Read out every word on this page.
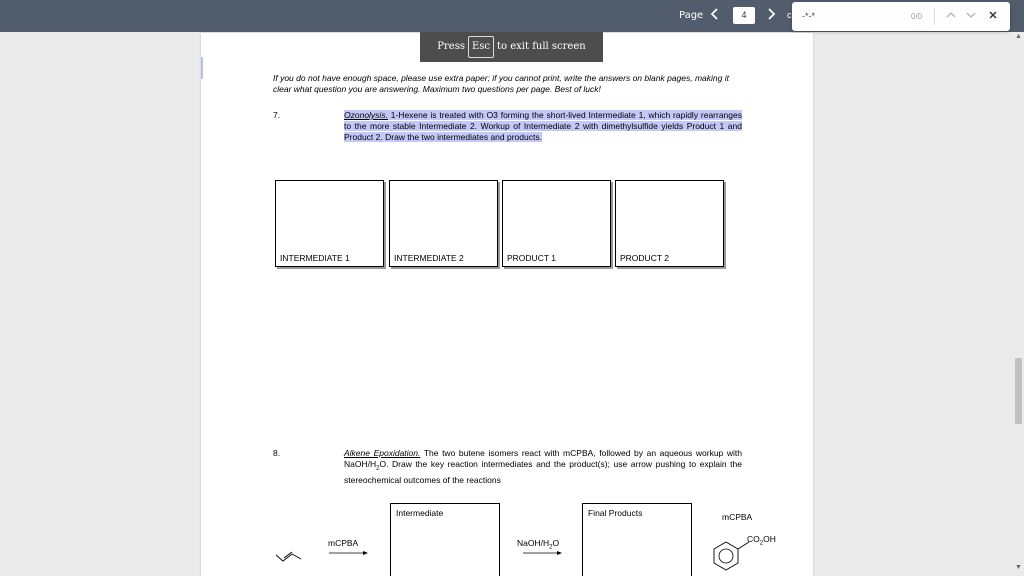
Page	4	c
-*-*	0/0
Press Esc to exit full screen
If you do not have enough space, please use extra paper; if you cannot print, write the answers on blank pages, making it clear what question you are answering. Maximum two questions per page. Best of luck!
7.	Ozonolysis. 1-Hexene is treated with O3 forming the short-lived Intermediate 1, which rapidly rearranges to the more stable Intermediate 2. Workup of Intermediate 2 with dimethylsulfide yields Product 1 and Product 2. Draw the two intermediates and products.
INTERMEDIATE 1	INTERMEDIATE 2	PRODUCT 1	PRODUCT 2
8.	Alkene Epoxidation. The two butene isomers react with mCPBA, followed by an aqueous workup with NaOH/$H_2O$. Draw the key reaction intermediates and the product(s); use arrow pushing to explain the stereochemical outcomes of the reactions
mCPBA
Intermediate
NaOH/$H_2O$
Final Products	mCPBA
$CO_2OH$
▲
▼
